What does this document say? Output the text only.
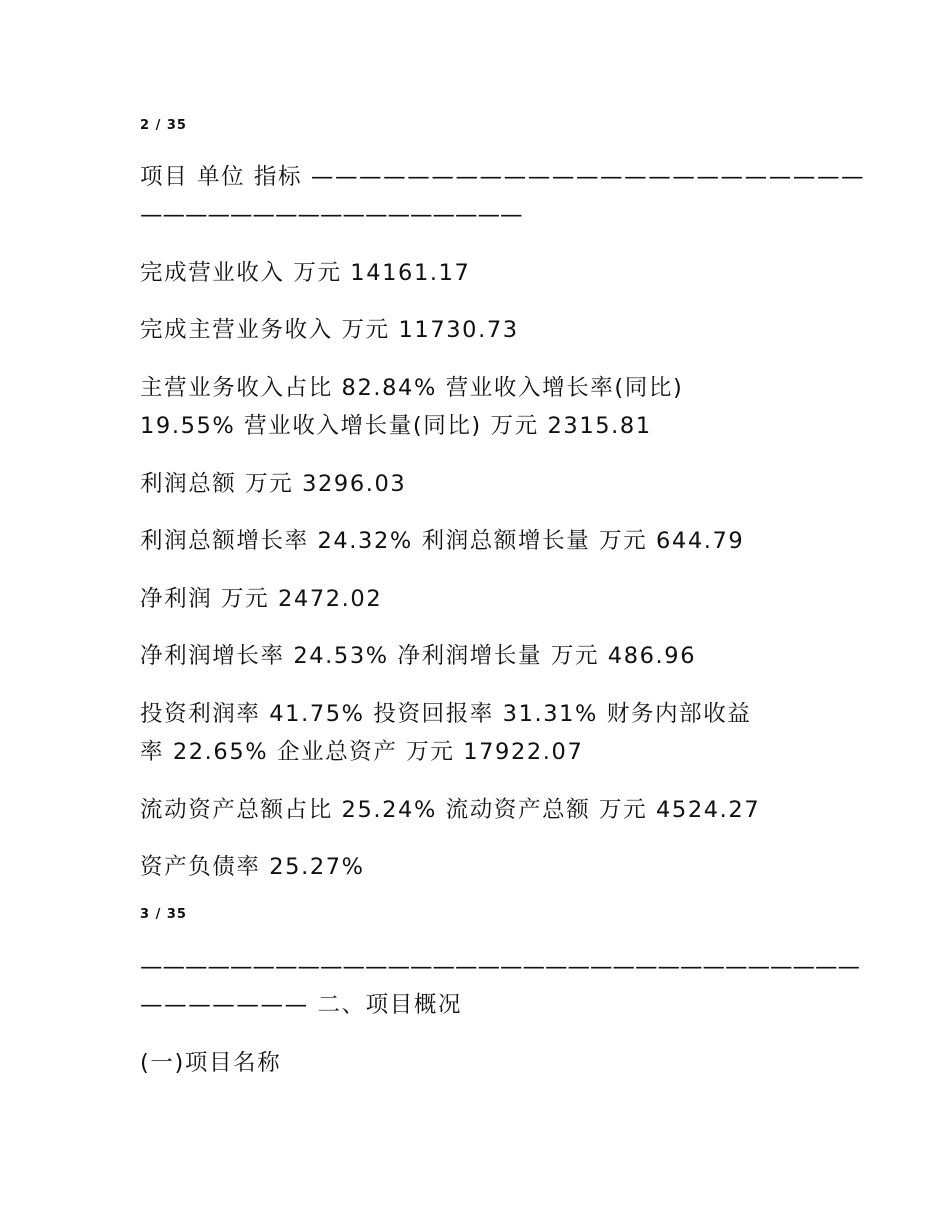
2 / 35
项目 单位 指标 ———————————————————————
—————————————————
完成营业收入 万元 14161.17
完成主营业务收入 万元 11730.73
主营业务收入占比 82.84% 营业收入增长率(同比)
19.55% 营业收入增长量(同比) 万元 2315.81
利润总额 万元 3296.03
利润总额增长率 24.32% 利润总额增长量 万元 644.79
净利润 万元 2472.02
净利润增长率 24.53% 净利润增长量 万元 486.96
投资利润率 41.75% 投资回报率 31.31% 财务内部收益
率 22.65% 企业总资产 万元 17922.07
流动资产总额占比 25.24% 流动资产总额 万元 4524.27
资产负债率 25.27%
3 / 35
————————————————————————————————
——————— 二、项目概况
(一)项目名称
